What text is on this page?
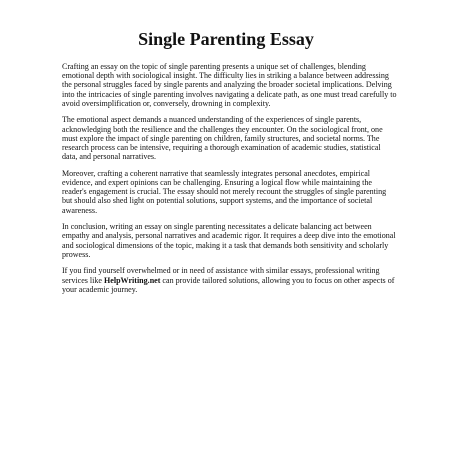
Single Parenting Essay

Crafting an essay on the topic of single parenting presents a unique set of challenges, blending emotional depth with sociological insight. The difficulty lies in striking a balance between addressing the personal struggles faced by single parents and analyzing the broader societal implications. Delving into the intricacies of single parenting involves navigating a delicate path, as one must tread carefully to avoid oversimplification or, conversely, drowning in complexity.

The emotional aspect demands a nuanced understanding of the experiences of single parents, acknowledging both the resilience and the challenges they encounter. On the sociological front, one must explore the impact of single parenting on children, family structures, and societal norms. The research process can be intensive, requiring a thorough examination of academic studies, statistical data, and personal narratives.

Moreover, crafting a coherent narrative that seamlessly integrates personal anecdotes, empirical evidence, and expert opinions can be challenging. Ensuring a logical flow while maintaining the reader's engagement is crucial. The essay should not merely recount the struggles of single parenting but should also shed light on potential solutions, support systems, and the importance of societal awareness.

In conclusion, writing an essay on single parenting necessitates a delicate balancing act between empathy and analysis, personal narratives and academic rigor. It requires a deep dive into the emotional and sociological dimensions of the topic, making it a task that demands both sensitivity and scholarly prowess.

If you find yourself overwhelmed or in need of assistance with similar essays, professional writing services like HelpWriting.net can provide tailored solutions, allowing you to focus on other aspects of your academic journey.
